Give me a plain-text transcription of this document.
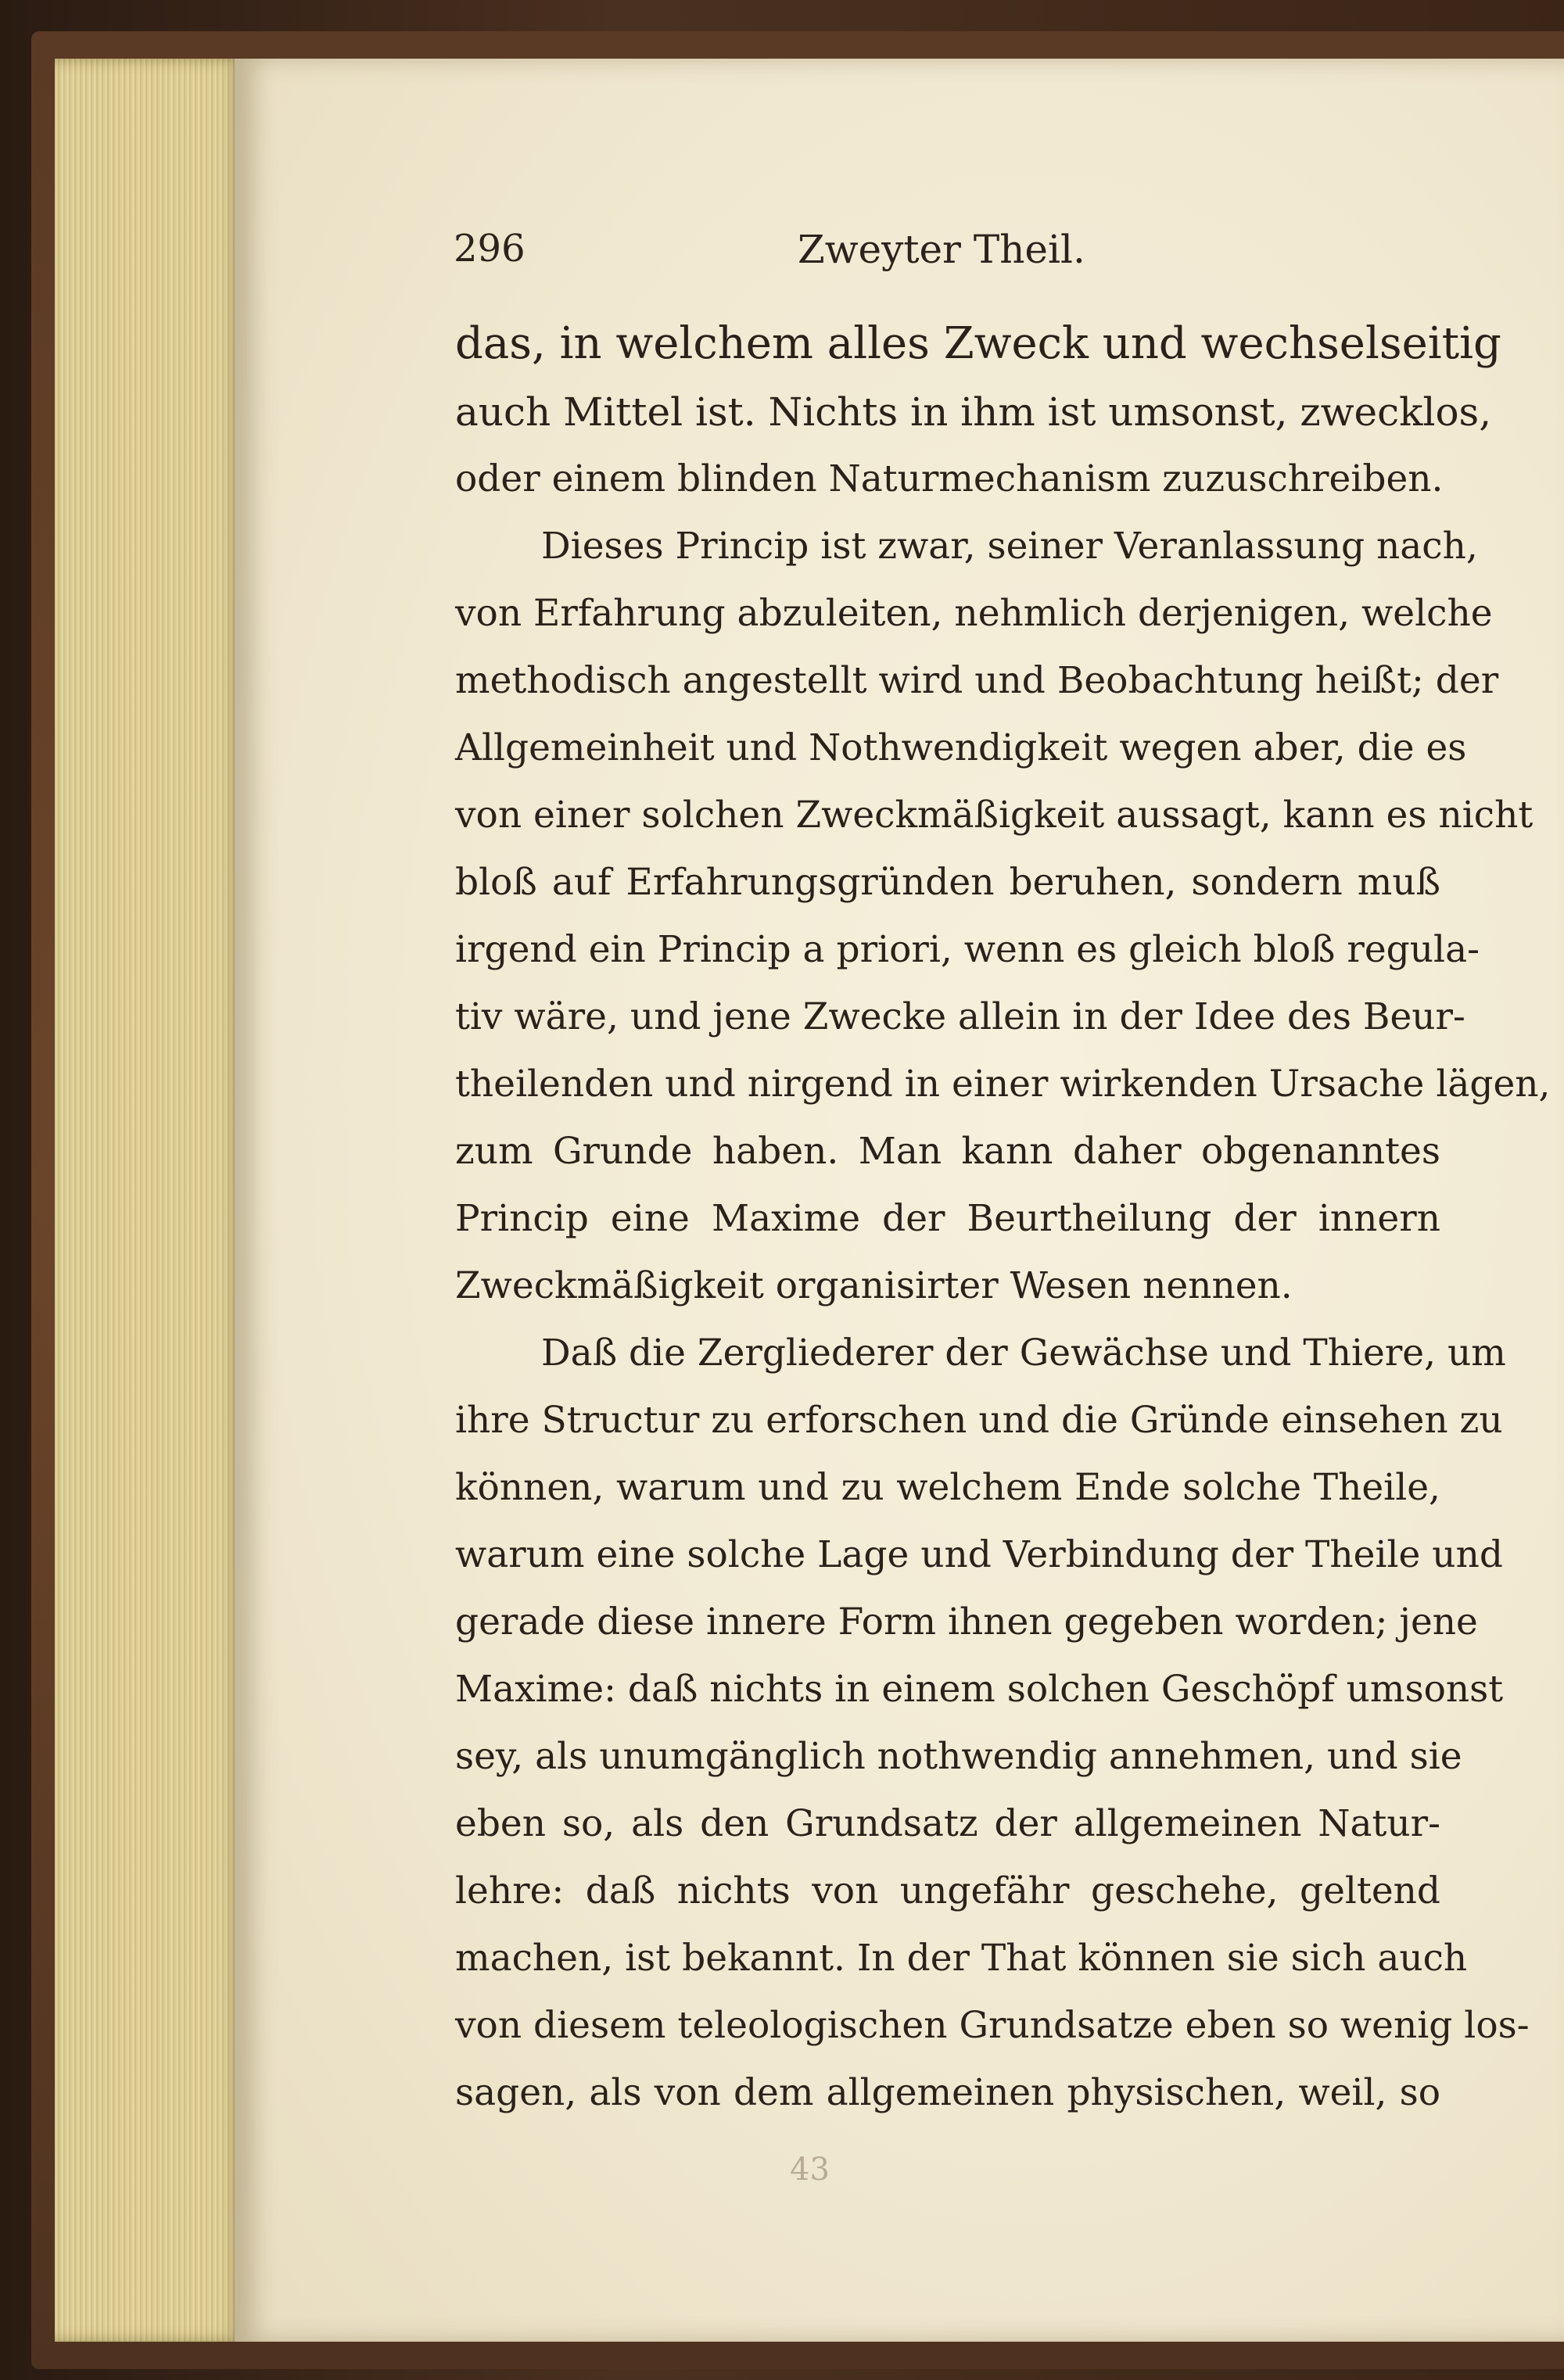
296	Zweyter Theil.
das, in welchem alles Zweck und wechselseitig
auch Mittel ist. Nichts in ihm ist umsonst, zwecklos,
oder einem blinden Naturmechanism zuzuschreiben.
Dieses Princip ist zwar, seiner Veranlassung nach,
von Erfahrung abzuleiten, nehmlich derjenigen, welche
methodisch angestellt wird und Beobachtung heißt; der
Allgemeinheit und Nothwendigkeit wegen aber, die es
von einer solchen Zweckmäßigkeit aussagt, kann es nicht
bloß auf Erfahrungsgründen beruhen, sondern muß
irgend ein Princip a priori, wenn es gleich bloß regula-
tiv wäre, und jene Zwecke allein in der Idee des Beur-
theilenden und nirgend in einer wirkenden Ursache lägen,
zum Grunde haben. Man kann daher obgenanntes
Princip eine Maxime der Beurtheilung der innern
Zweckmäßigkeit organisirter Wesen nennen.
Daß die Zergliederer der Gewächse und Thiere, um
ihre Structur zu erforschen und die Gründe einsehen zu
können, warum und zu welchem Ende solche Theile,
warum eine solche Lage und Verbindung der Theile und
gerade diese innere Form ihnen gegeben worden; jene
Maxime: daß nichts in einem solchen Geschöpf umsonst
sey, als unumgänglich nothwendig annehmen, und sie
eben so, als den Grundsatz der allgemeinen Natur-
lehre: daß nichts von ungefähr geschehe, geltend
machen, ist bekannt. In der That können sie sich auch
von diesem teleologischen Grundsatze eben so wenig los-
sagen, als von dem allgemeinen physischen, weil, so
43
